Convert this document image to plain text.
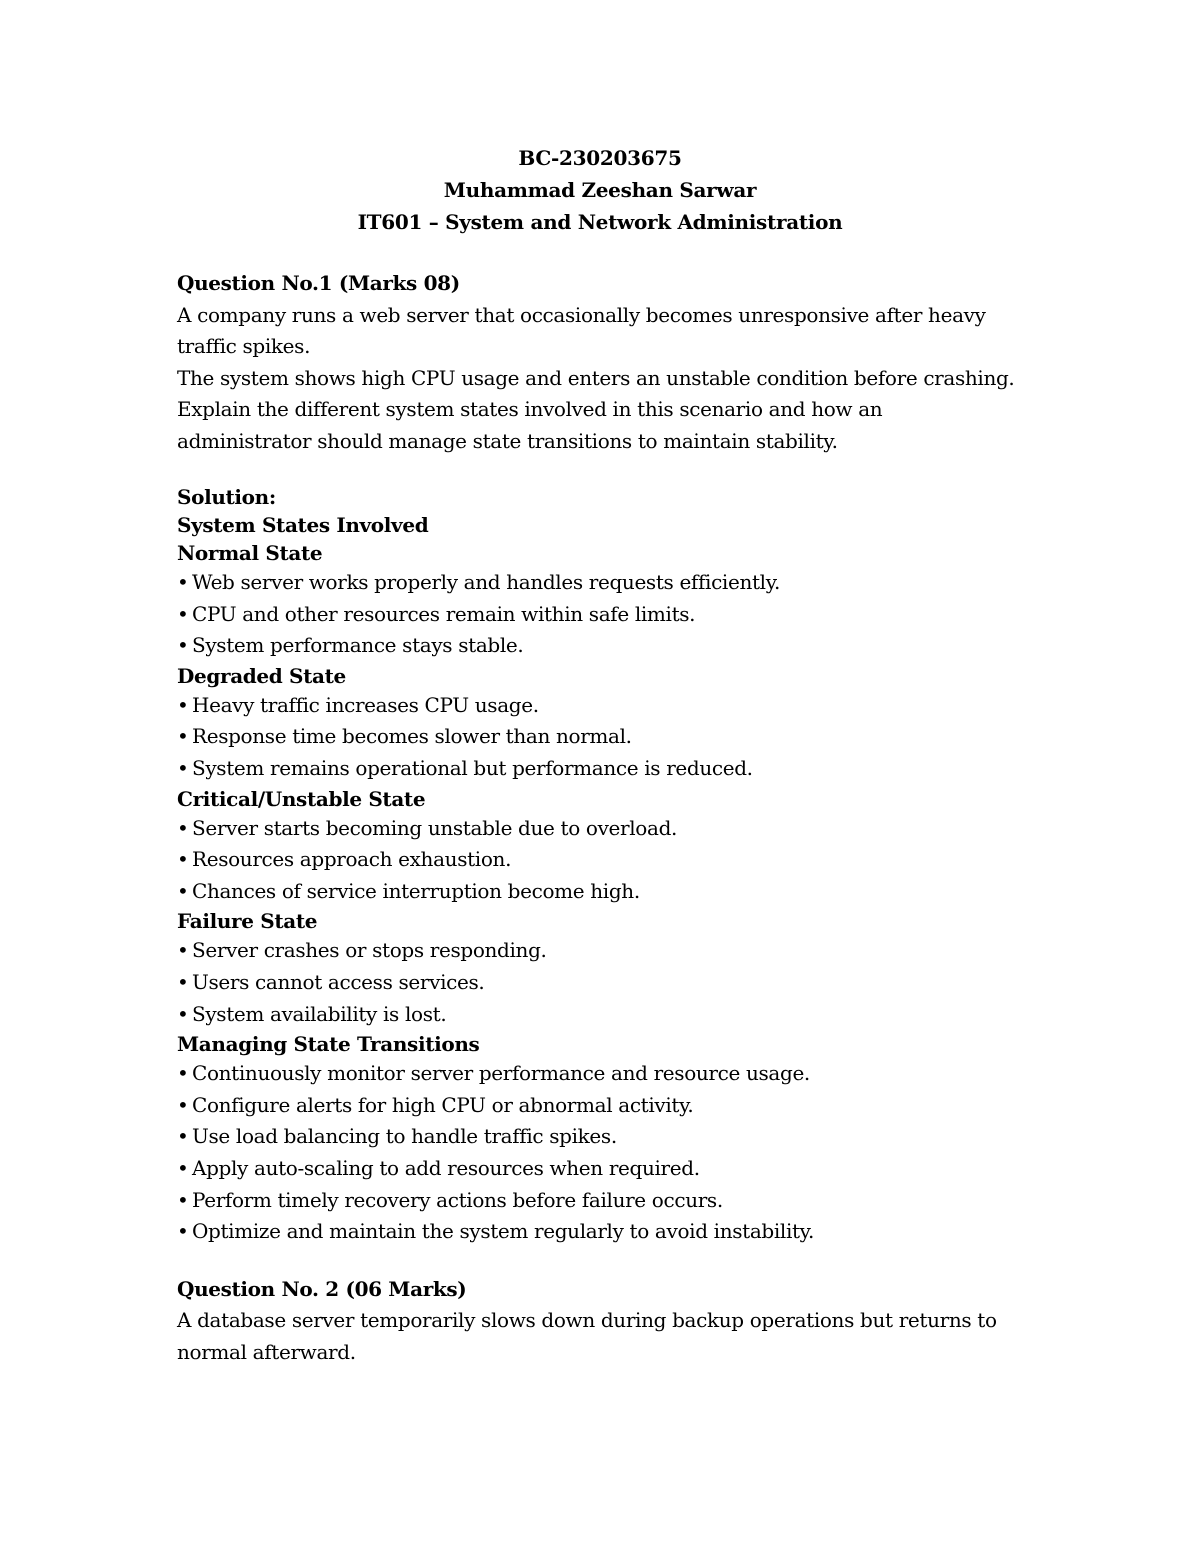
BC-230203675
Muhammad Zeeshan Sarwar
IT601 – System and Network Administration
Question No.1 (Marks 08)
A company runs a web server that occasionally becomes unresponsive after heavy
traffic spikes.
The system shows high CPU usage and enters an unstable condition before crashing.
Explain the different system states involved in this scenario and how an
administrator should manage state transitions to maintain stability.
Solution:
System States Involved
Normal State
• Web server works properly and handles requests efficiently.
• CPU and other resources remain within safe limits.
• System performance stays stable.
Degraded State
• Heavy traffic increases CPU usage.
• Response time becomes slower than normal.
• System remains operational but performance is reduced.
Critical/Unstable State
• Server starts becoming unstable due to overload.
• Resources approach exhaustion.
• Chances of service interruption become high.
Failure State
• Server crashes or stops responding.
• Users cannot access services.
• System availability is lost.
Managing State Transitions
• Continuously monitor server performance and resource usage.
• Configure alerts for high CPU or abnormal activity.
• Use load balancing to handle traffic spikes.
• Apply auto-scaling to add resources when required.
• Perform timely recovery actions before failure occurs.
• Optimize and maintain the system regularly to avoid instability.
Question No. 2 (06 Marks)
A database server temporarily slows down during backup operations but returns to
normal afterward.
